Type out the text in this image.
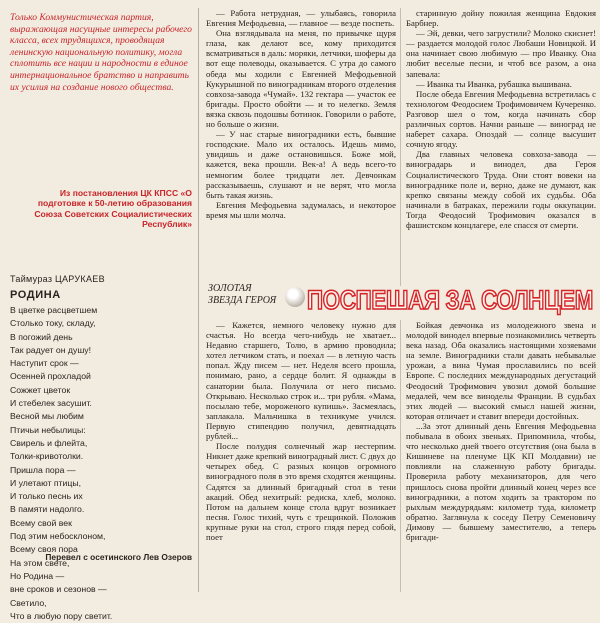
Только Коммунистическая партия, выражающая насущные интересы рабочего класса, всех трудящихся, проводящая ленинскую национальную политику, могла сплотить все нации и народности в единое интернациональное братство и направить их усилия на создание нового общества.
Из постановления ЦК КПСС «О подготовке к 50-летию образования Союза Советских Социалистических Республик»
Таймураз ЦАРУКАЕВ
РОДИНА
В цветке расцветшем
Столько току, складу,
В погожий день
Так радует он душу!
Наступит срок —
Осенней прохладой
Сожжет цветок
И стебелек засушит.
Весной мы любим
Птичьи небылицы:
Свирель и флейта,
Толки-кривотолки.
Пришла пора —
И улетают птицы,
И только песнь их
В памяти надолго.
Всему свой век
Под этим небосклоном,
Всему своя пора
На этом свете,
Но Родина —
вне сроков и сезонов —
Светило,
Что в любую пору светит.
Перевел с осетинского Лев Озеров

— Работа нетрудная, — улыбаясь, говорила Евгения Мефодьевна, — главное — везде поспеть.

Она взглядывала на меня, по привычке щуря глаза, как делают все, кому приходится всматриваться в даль: моряки, летчики, шоферы да вот еще полеводы, оказывается. С утра до самого обеда мы ходили с Евгенией Мефодьевной Кукурышной по виноградникам второго отделения совхоза-завода «Чумай». 132 гектара — участок ее бригады. Просто обойти — и то нелегко. Земля вязка сквозь подошвы ботинок. Говорили о работе, но больше о жизни.

— У нас старые виноградники есть, бывшие господские. Мало их осталось. Идешь мимо, увидишь и даже остановишься. Боже мой, кажется, века прошли. Век-а! А ведь всего-то немногим более тридцати лет. Девчонкам рассказываешь, слушают и не верят, что могла быть такая жизнь.

Евгения Мефодьевна задумалась, и некоторое время мы шли молча.

старинную дойну пожилая женщина Евдокия Барбнер.

— Эй, девки, чего загрустили? Молоко скиснет! — раздается молодой голос Любаши Новицкой. И она начинает свою любимую — про Иванку. Она любит веселые песни, и чтоб все разом, а она запевала:

— Иванка ты Иванка, рубашка вышивана.

После обеда Евгения Мефодьевна встретилась с технологом Феодосием Трофимовичем Кучеренко. Разговор шел о том, когда начинать сбор различных сортов. Начни раньше — виноград не наберет сахара. Опоздай — солнце высушит сочную ягоду.

Два главных человека совхоза-завода — виноградарь и винодел, два Героя Социалистического Труда. Они стоят вовеки на винограднике поле и, верно, даже не думают, как крепко связаны между собой их судьбы. Оба начинали в батраках, пережили годы оккупации. Тогда Феодосий Трофимович оказался в фашистском концлагере, еле спасся от смерти.

ЗОЛОТАЯ ЗВЕЗДА ГЕРОЯ ПОСПЕШАЯ ЗА СОЛНЦЕМ

— Кажется, немного человеку нужно для счастья. Но всегда чего-нибудь не хватает... Недавно старшего, Толю, в армию проводила; хотел летчиком стать, и поехал — в летную часть попал. Жду писем — нет. Неделя всего прошла, понимаю, рано, а сердце болит. Я однажды в санатории была. Получила от него письмо. Открываю. Несколько строк и... три рубля. «Мама, посылаю тебе, мороженого купишь». Засмеялась, заплакала. Мальчишка в техникуме учился. Первую стипендию получил, девятнадцать рублей...

После полудня солнечный жар нестерпим. Никнет даже крепкий виноградный лист. С двух до четырех обед. С разных концов огромного виноградного поля в это время сходятся женщины. Садятся за длинный бригадный стол в тени акаций. Обед нехитрый: редиска, хлеб, молоко. Потом на дальнем конце стола вдруг возникает песня. Голос тихий, чуть с трещинкой. Положив крупные руки на стол, строго глядя перед собой, поет

Бойкая девчонка из молодежного звена и молодой винодел впервые познакомились четверть века назад. Оба оказались настоящими хозяевами на земле. Виноградники стали давать небывалые урожаи, а вина Чумая прославились по всей Европе. С последних международных дегустаций Феодосий Трофимович увозил домой большие медалей, чем все виноделы Франции. В судьбах этих людей — высокий смысл нашей жизни, которая отличает и ставит впереди достойных.

...За этот длинный день Евгения Мефодьевна побывала в обоих звеньях. Припомнила, чтобы, что несколько дней твоего отсутствия (она была в Кишиневе на пленуме ЦК КП Молдавии) не повлияли на слаженную работу бригады. Проверила работу механизаторов, для чего пришлось снова пройти длинный конец через все виноградники, а потом ходить за трактором по рыхлым междурядьям: километр туда, километр обратно. Заглянула к соседу Петру Семеновичу Димову — бывшему заместителю, а теперь бригади-
